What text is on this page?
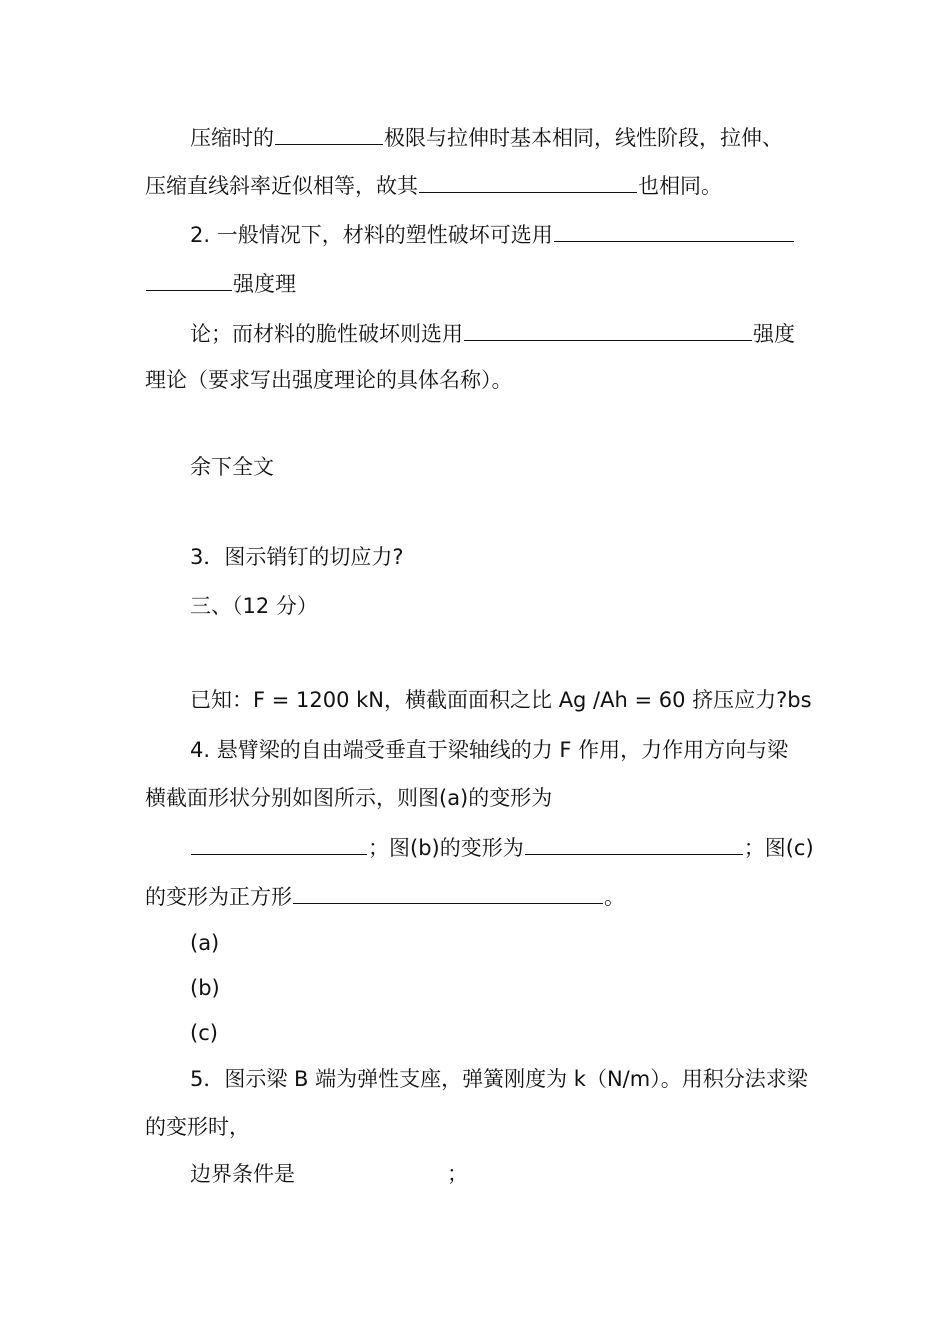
压缩时的	极限与拉伸时基本相同，线性阶段，拉伸、
压缩直线斜率近似相等，故其	也相同。
2. 一般情况下，材料的塑性破坏可选用
强度理
论；而材料的脆性破坏则选用	强度
理论（要求写出强度理论的具体名称）。
余下全文
3．图示销钉的切应力?
三、（12 分）
已知：F = 1200 kN，横截面面积之比 Ag /Ah = 60 挤压应力?bs
4. 悬臂梁的自由端受垂直于梁轴线的力 F 作用，力作用方向与梁
横截面形状分别如图所示，则图(a)的变形为
；图(b)的变形为	；图(c)
的变形为正方形	。
(a)
(b)
(c)
5．图示梁 B 端为弹性支座，弹簧刚度为 k（N/m）。用积分法求梁
的变形时，
边界条件是	；
